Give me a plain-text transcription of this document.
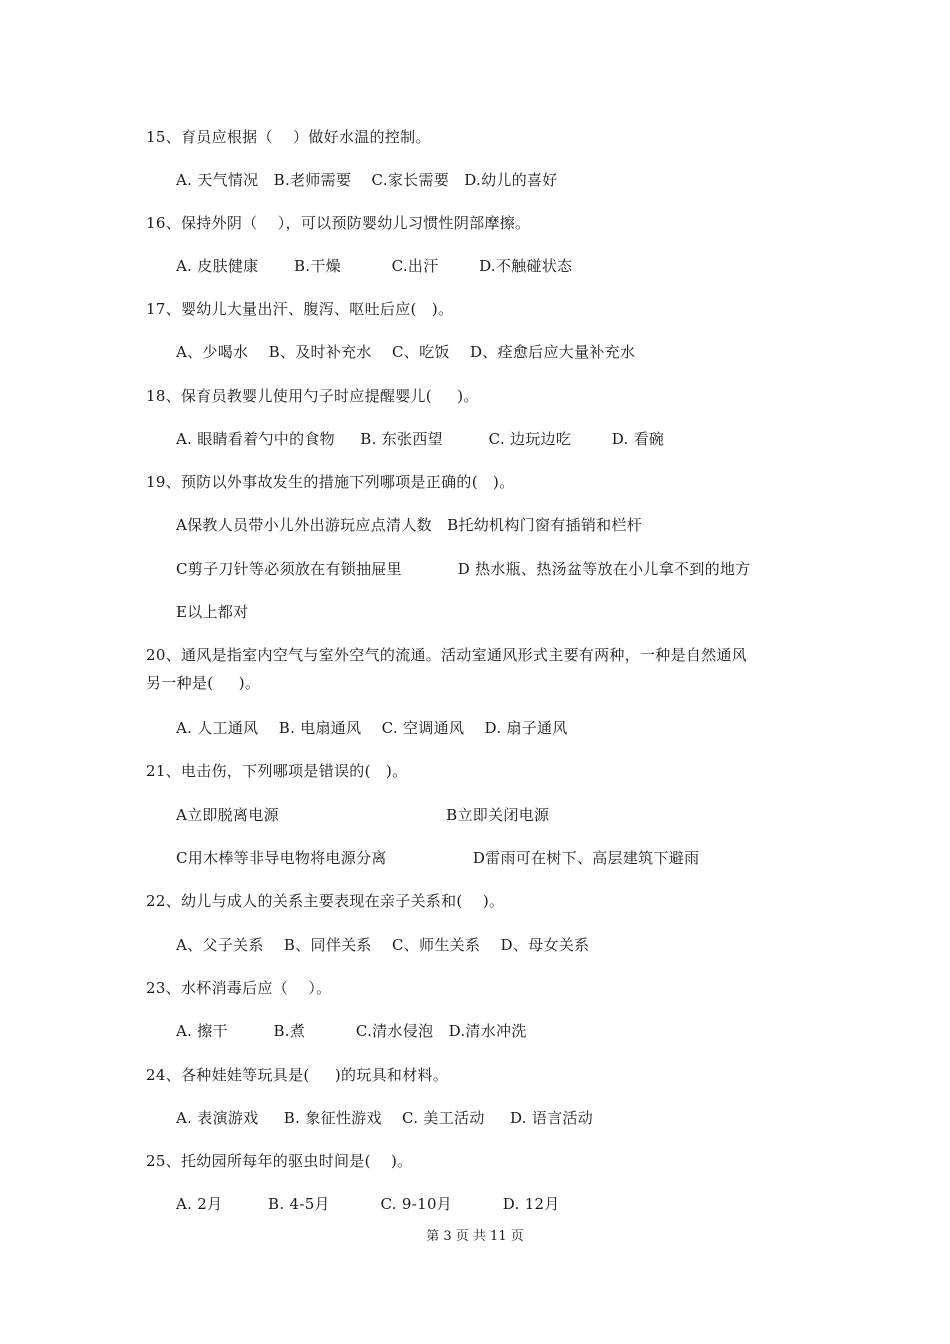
15、育员应根据（    ）做好水温的控制。
A. 天气情况   B.老师需要    C.家长需要   D.幼儿的喜好
16、保持外阴（    ），可以预防婴幼儿习惯性阴部摩擦。
A. 皮肤健康       B.干燥          C.出汗        D.不触碰状态
17、婴幼儿大量出汗、腹泻、呕吐后应(   )。
A、少喝水    B、及时补充水    C、吃饭    D、痊愈后应大量补充水
18、保育员教婴儿使用勺子时应提醒婴儿(     )。
A. 眼睛看着勺中的食物     B. 东张西望         C. 边玩边吃        D. 看碗
19、预防以外事故发生的措施下列哪项是正确的(   )。
A保教人员带小儿外出游玩应点清人数   B托幼机构门窗有插销和栏杆
C剪子刀针等必须放在有锁抽屉里           D 热水瓶、热汤盆等放在小儿拿不到的地方
E以上都对
20、通风是指室内空气与室外空气的流通。活动室通风形式主要有两种，一种是自然通风
另一种是(     )。
A. 人工通风    B. 电扇通风    C. 空调通风    D. 扇子通风
21、电击伤，下列哪项是错误的(   )。
A立即脱离电源                                 B立即关闭电源
C用木棒等非导电物将电源分离                 D雷雨可在树下、高层建筑下避雨
22、幼儿与成人的关系主要表现在亲子关系和(    )。
A、父子关系    B、同伴关系    C、师生关系    D、母女关系
23、水杯消毒后应（    ）。
A. 擦干         B.煮          C.清水侵泡   D.清水冲洗
24、各种娃娃等玩具是(     )的玩具和材料。
A. 表演游戏     B. 象征性游戏    C. 美工活动     D. 语言活动
25、托幼园所每年的驱虫时间是(    )。
A. 2月         B. 4-5月          C. 9-10月          D. 12月
第 3 页 共 11 页
